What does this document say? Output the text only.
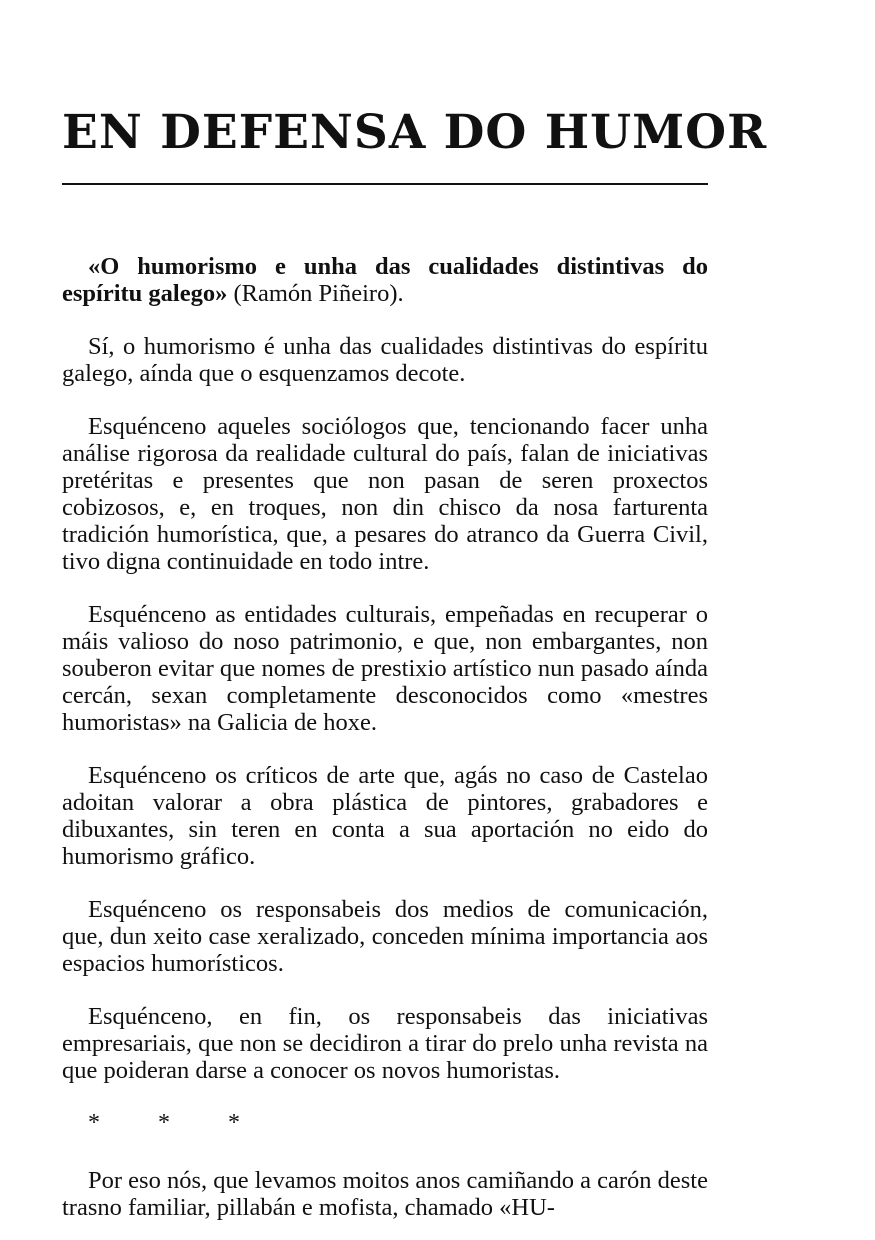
EN DEFENSA DO HUMOR

«O humorismo e unha das cualidades distintivas do espíritu galego» (Ramón Piñeiro).

Sí, o humorismo é unha das cualidades distintivas do espíritu galego, aínda que o esquenzamos decote.

Esquénceno aqueles sociólogos que, tencionando facer unha análise rigorosa da realidade cultural do país, falan de iniciativas pretéritas e presentes que non pasan de seren proxectos cobizosos, e, en troques, non din chisco da nosa farturenta tradición humorística, que, a pesares do atranco da Guerra Civil, tivo digna continuidade en todo intre.

Esquénceno as entidades culturais, empeñadas en recuperar o máis valioso do noso patrimonio, e que, non embargantes, non souberon evitar que nomes de prestixio artístico nun pasado aínda cercán, sexan completamente desconocidos como «mestres humoristas» na Galicia de hoxe.

Esquénceno os críticos de arte que, agás no caso de Castelao adoitan valorar a obra plástica de pintores, grabadores e dibuxantes, sin teren en conta a sua aportación no eido do humorismo gráfico.

Esquénceno os responsabeis dos medios de comunicación, que, dun xeito case xeralizado, conceden mínima importancia aos espacios humorísticos.

Esquénceno, en fin, os responsabeis das iniciativas empresariais, que non se decidiron a tirar do prelo unha revista na que poideran darse a conocer os novos humoristas.

* * *

Por eso nós, que levamos moitos anos camiñando a carón deste trasno familiar, pillabán e mofista, chamado «HU-
